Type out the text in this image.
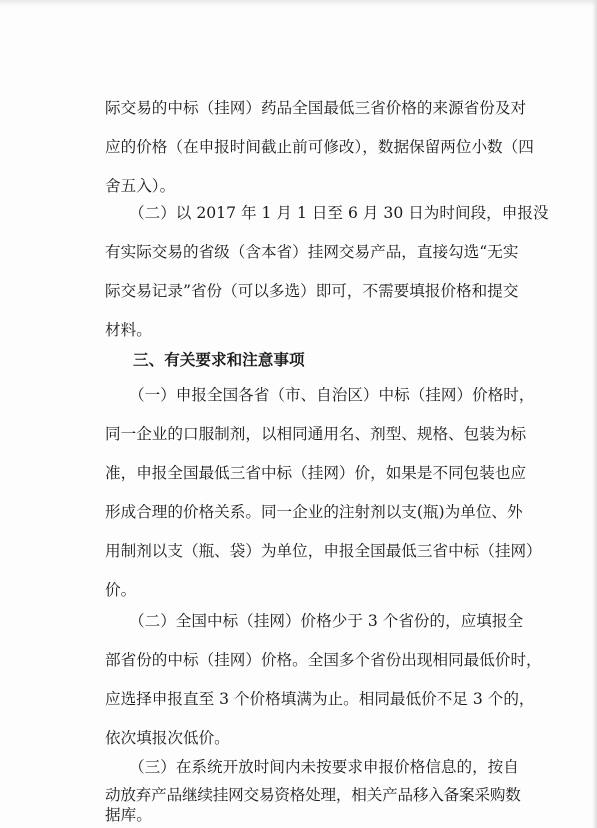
际交易的中标（挂网）药品全国最低三省价格的来源省份及对
应的价格（在申报时间截止前可修改），数据保留两位小数（四
舍五入）。
（二）以 2017 年 1 月 1 日至 6 月 30 日为时间段，申报没
有实际交易的省级（含本省）挂网交易产品，直接勾选“无实
际交易记录”省份（可以多选）即可，不需要填报价格和提交
材料。
三、有关要求和注意事项
（一）申报全国各省（市、自治区）中标（挂网）价格时，
同一企业的口服制剂，以相同通用名、剂型、规格、包装为标
准，申报全国最低三省中标（挂网）价，如果是不同包装也应
形成合理的价格关系。同一企业的注射剂以支(瓶)为单位、外
用制剂以支（瓶、袋）为单位，申报全国最低三省中标（挂网）
价。
（二）全国中标（挂网）价格少于 3 个省份的，应填报全
部省份的中标（挂网）价格。全国多个省份出现相同最低价时，
应选择申报直至 3 个价格填满为止。相同最低价不足 3 个的，
依次填报次低价。
（三）在系统开放时间内未按要求申报价格信息的，按自
动放弃产品继续挂网交易资格处理，相关产品移入备案采购数
据库。
